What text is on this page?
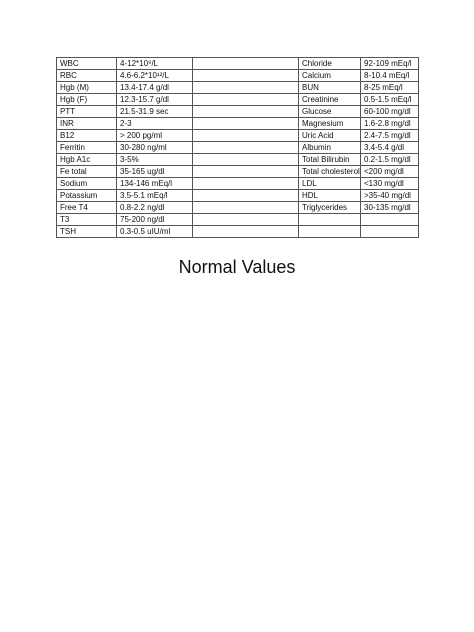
WBC	4-12*10⁹/L		Chloride	92-109 mEq/l
RBC	4.6-6.2*10¹²/L		Calcium	8-10.4 mEq/l
Hgb (M)	13.4-17.4 g/dl		BUN	8-25 mEq/l
Hgb (F)	12.3-15.7 g/dl		Creatinine	0.5-1.5 mEq/l
PTT	21.5-31.9 sec		Glucose	60-100 mg/dl
INR	2-3		Magnesium	1.6-2.8 mg/dl
B12	> 200 pg/ml		Uric Acid	2.4-7.5 mg/dl
Ferritin	30-280 ng/ml		Albumin	3.4-5.4 g/dl
Hgb A1c	3-5%		Total Bilirubin	0.2-1.5 mg/dl
Fe total	35-165 ug/dl		Total cholesterol	<200 mg/dl
Sodium	134-146 mEq/l		LDL	<130 mg/dl
Potassium	3.5-5.1 mEq/l		HDL	>35-40 mg/dl
Free T4	0.8-2.2 ng/dl		Triglycerides	30-135 mg/dl
T3	75-200 ng/dl			
TSH	0.3-0.5 uIU/ml			
Normal Values
